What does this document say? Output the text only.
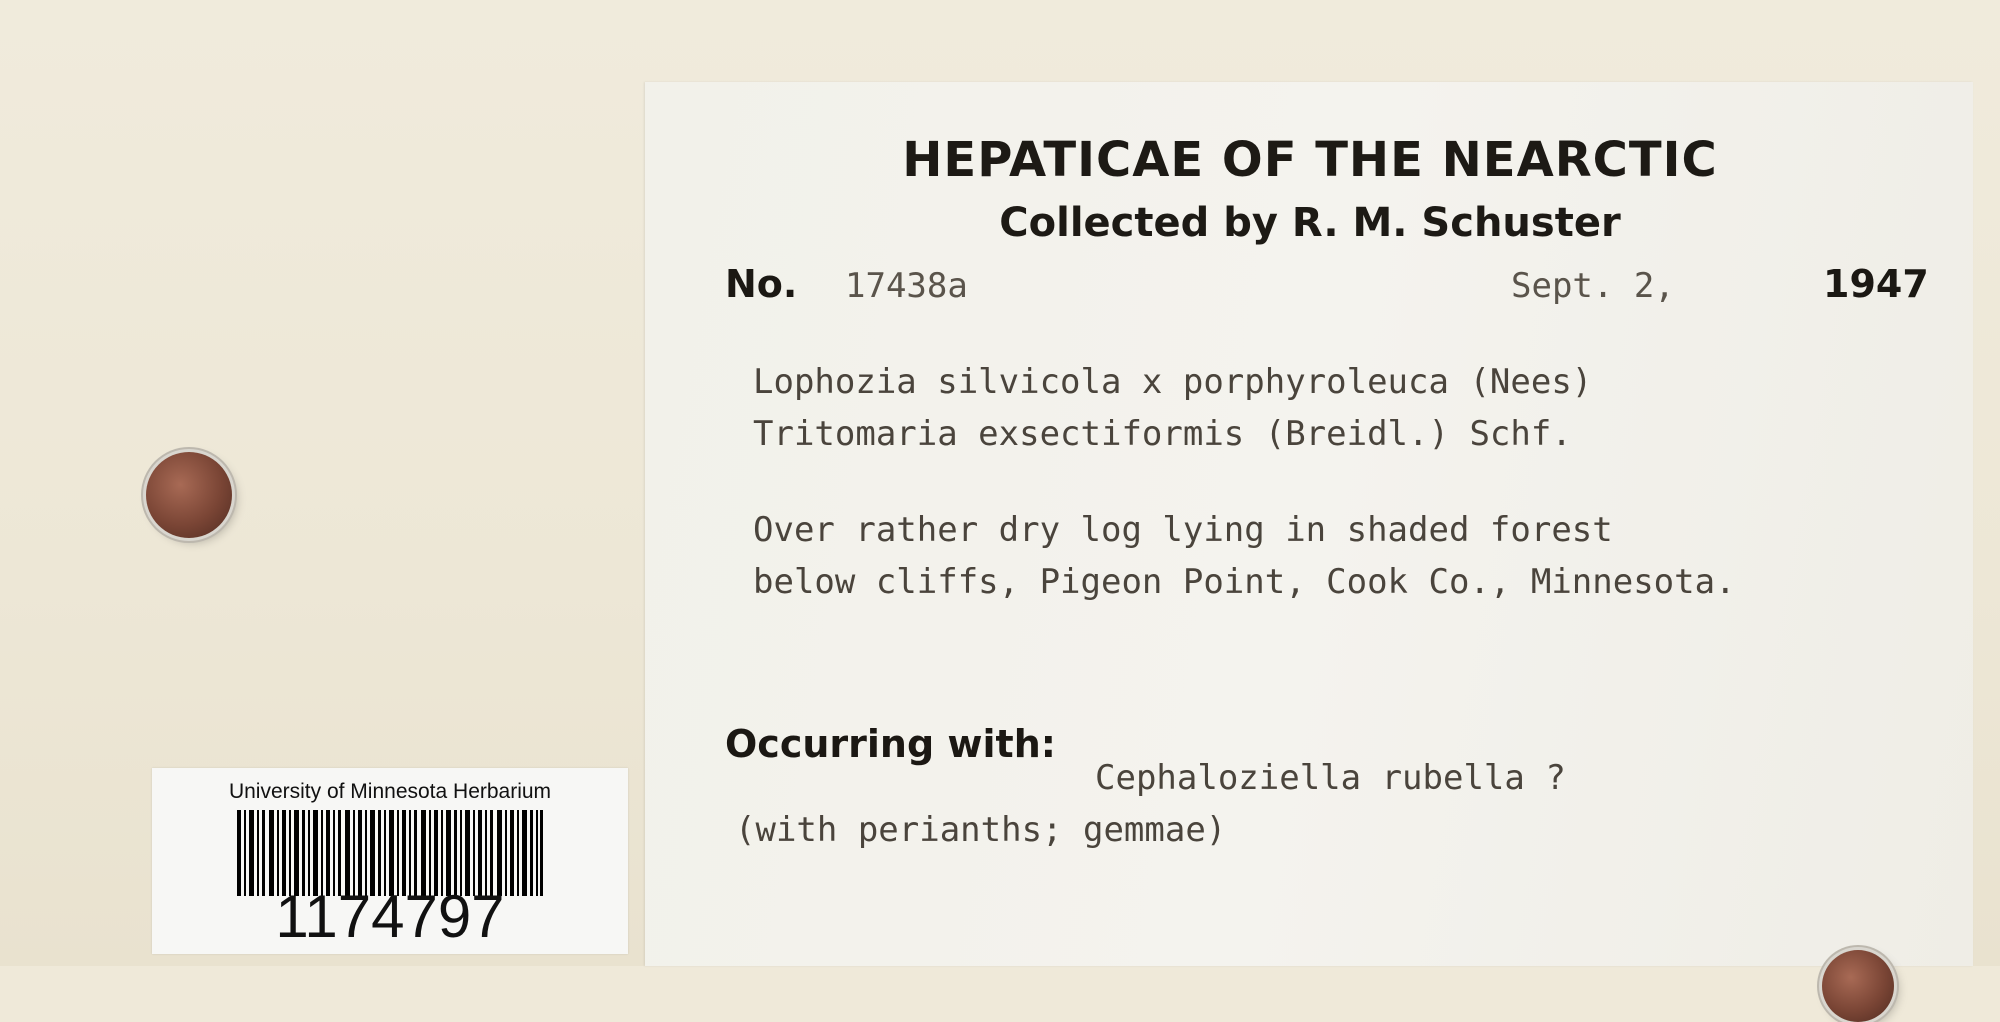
HEPATICAE OF THE NEARCTIC
Collected by R. M. Schuster
No. 17438a	Sept. 2,	1947
Lophozia silvicola x porphyroleuca (Nees)
Tritomaria exsectiformis (Breidl.) Schf.
Over rather dry log lying in shaded forest
below cliffs, Pigeon Point, Cook Co., Minnesota.
Occurring with:
Cephaloziella rubella ?
(with perianths; gemmae)
University of Minnesota Herbarium
1174797
